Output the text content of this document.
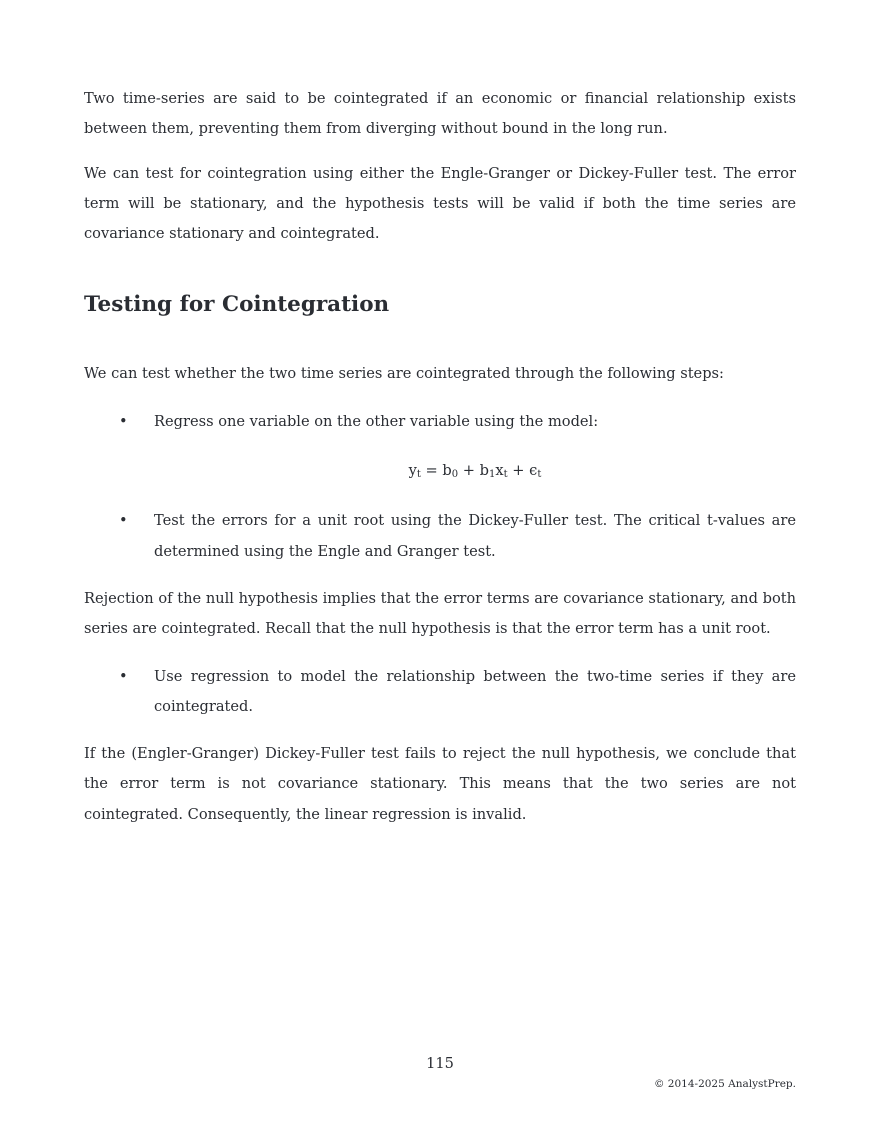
Two time-series are said to be cointegrated if an economic or financial relationship exists between them, preventing them from diverging without bound in the long run.

We can test for cointegration using either the Engle-Granger or Dickey-Fuller test. The error term will be stationary, and the hypothesis tests will be valid if both the time series are covariance stationary and cointegrated.

Testing for Cointegration

We can test whether the two time series are cointegrated through the following steps:

• Regress one variable on the other variable using the model:

$y_t = b_0 + b_1x_t + \epsilon_t$
• Test the errors for a unit root using the Dickey-Fuller test. The critical t-values are determined using the Engle and Granger test.

Rejection of the null hypothesis implies that the error terms are covariance stationary, and both series are cointegrated. Recall that the null hypothesis is that the error term has a unit root.

• Use regression to model the relationship between the two-time series if they are cointegrated.

If the (Engler-Granger) Dickey-Fuller test fails to reject the null hypothesis, we conclude that the error term is not covariance stationary. This means that the two series are not cointegrated. Consequently, the linear regression is invalid.

115
© 2014-2025 AnalystPrep.
